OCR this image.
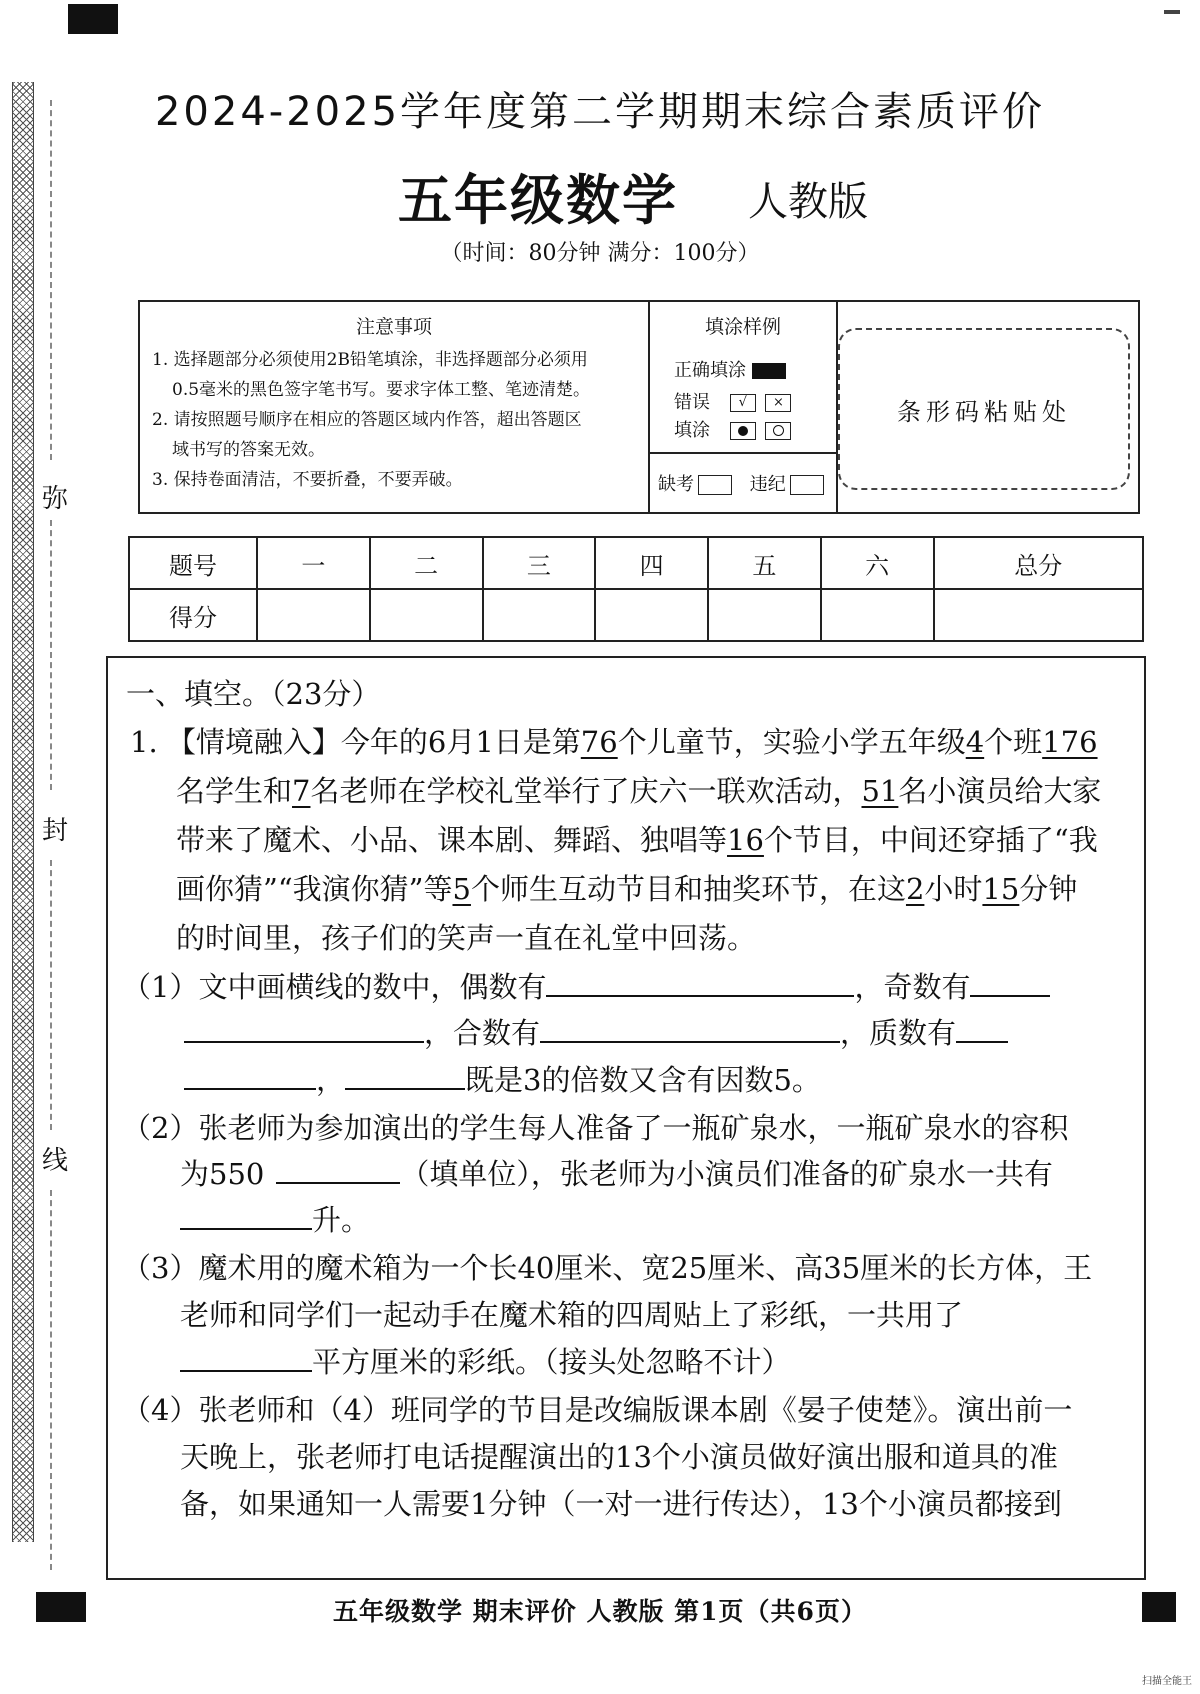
弥
封
线
2024-2025学年度第二学期期末综合素质评价
五年级数学 人教版
（时间：80分钟 满分：100分）
注意事项
1. 选择题部分必须使用2B铅笔填涂，非选择题部分必须用
0.5毫米的黑色签字笔书写。要求字体工整、笔迹清楚。
2. 请按照题号顺序在相应的答题区域内作答，超出答题区
域书写的答案无效。
3. 保持卷面清洁，不要折叠，不要弄破。
填涂样例
正确填涂
错误 √ ×
填涂
缺考	违纪
条形码粘贴处
题号	一	二	三	四	五	六	总分
得分							
一、填空。（23分）
1. 【情境融入】今年的6月1日是第76个儿童节，实验小学五年级4个班176
名学生和7名老师在学校礼堂举行了庆六一联欢活动，51名小演员给大家
带来了魔术、小品、课本剧、舞蹈、独唱等16个节目，中间还穿插了“我
画你猜”“我演你猜”等5个师生互动节目和抽奖环节，在这2小时15分钟
的时间里，孩子们的笑声一直在礼堂中回荡。
（1）文中画横线的数中，偶数有	，奇数有
，合数有	，质数有
，	既是3的倍数又含有因数5。
（2）张老师为参加演出的学生每人准备了一瓶矿泉水，一瓶矿泉水的容积
为550	（填单位），张老师为小演员们准备的矿泉水一共有
升。
（3）魔术用的魔术箱为一个长40厘米、宽25厘米、高35厘米的长方体，王
老师和同学们一起动手在魔术箱的四周贴上了彩纸，一共用了
平方厘米的彩纸。（接头处忽略不计）
（4）张老师和（4）班同学的节目是改编版课本剧《晏子使楚》。演出前一
天晚上，张老师打电话提醒演出的13个小演员做好演出服和道具的准
备，如果通知一人需要1分钟（一对一进行传达），13个小演员都接到
五年级数学 期末评价 人教版 第1页（共6页）
扫描全能王
